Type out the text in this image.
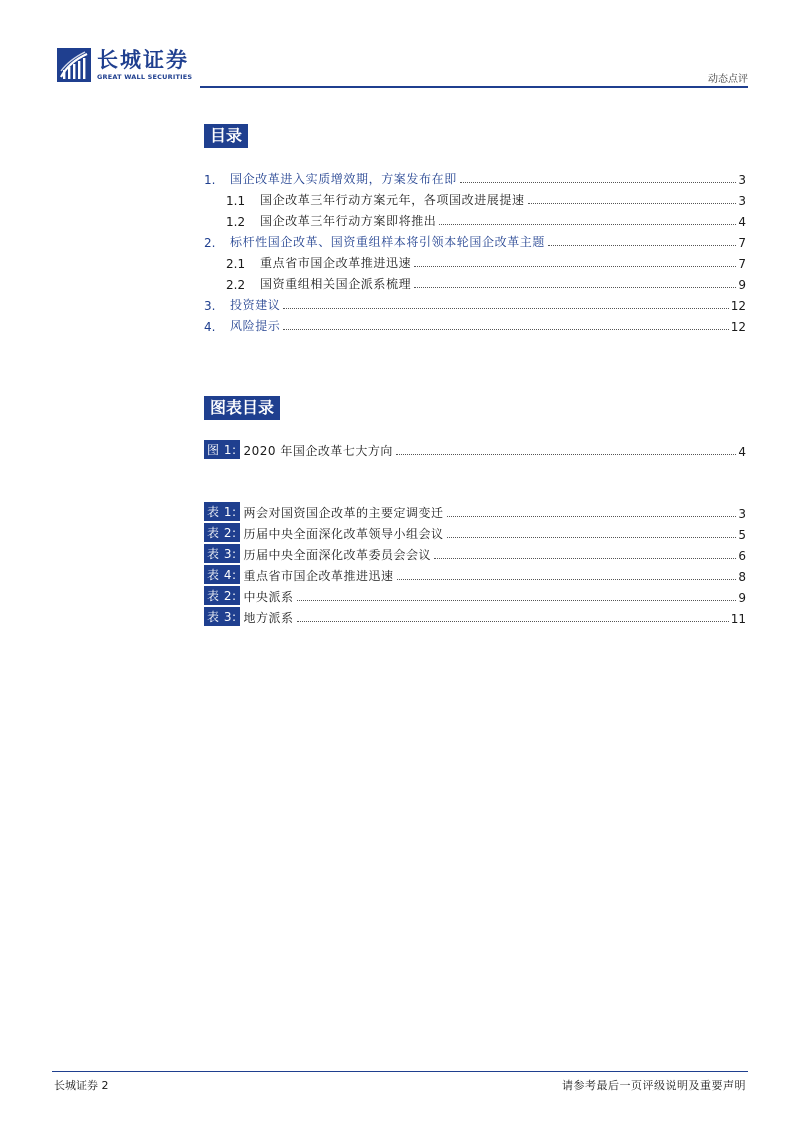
长城证券
GREAT WALL SECURITIES	动态点评
目录
1.	国企改革进入实质增效期，方案发布在即	3
1.1	国企改革三年行动方案元年，各项国改进展提速	3
1.2	国企改革三年行动方案即将推出	4
2.	标杆性国企改革、国资重组样本将引领本轮国企改革主题	7
2.1	重点省市国企改革推进迅速	7
2.2	国资重组相关国企派系梳理	9
3.	投资建议	12
4.	风险提示	12
图表目录
图 1: 2020 年国企改革七大方向	4
表 1: 两会对国资国企改革的主要定调变迁	3
表 2: 历届中央全面深化改革领导小组会议	5
表 3: 历届中央全面深化改革委员会会议	6
表 4: 重点省市国企改革推进迅速	8
表 2: 中央派系	9
表 3: 地方派系	11
长城证券 2	请参考最后一页评级说明及重要声明
